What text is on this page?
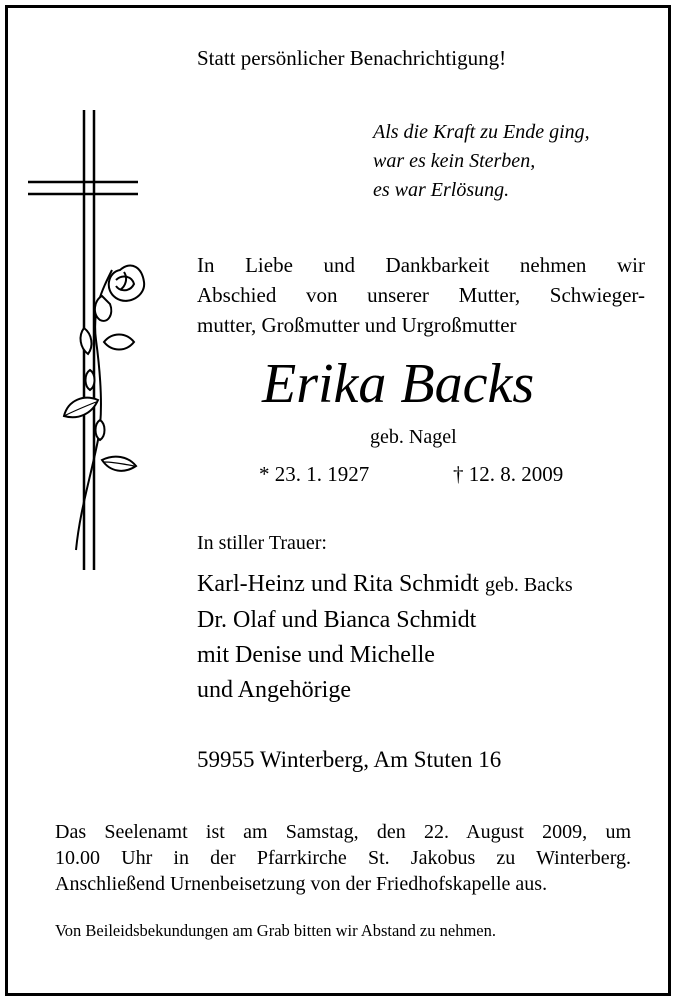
Statt persönlicher Benachrichtigung!
Als die Kraft zu Ende ging,
war es kein Sterben,
es war Erlösung.
In Liebe und Dankbarkeit nehmen wir
Abschied von unserer Mutter, Schwieger-
mutter, Großmutter und Urgroßmutter
Erika Backs
geb. Nagel
* 23. 1. 1927	† 12. 8. 2009
In stiller Trauer:
Karl-Heinz und Rita Schmidt geb. Backs
Dr. Olaf und Bianca Schmidt
mit Denise und Michelle
und Angehörige
59955 Winterberg, Am Stuten 16
Das Seelenamt ist am Samstag, den 22. August 2009, um
10.00 Uhr in der Pfarrkirche St. Jakobus zu Winterberg.
Anschließend Urnenbeisetzung von der Friedhofskapelle aus.
Von Beileidsbekundungen am Grab bitten wir Abstand zu nehmen.
